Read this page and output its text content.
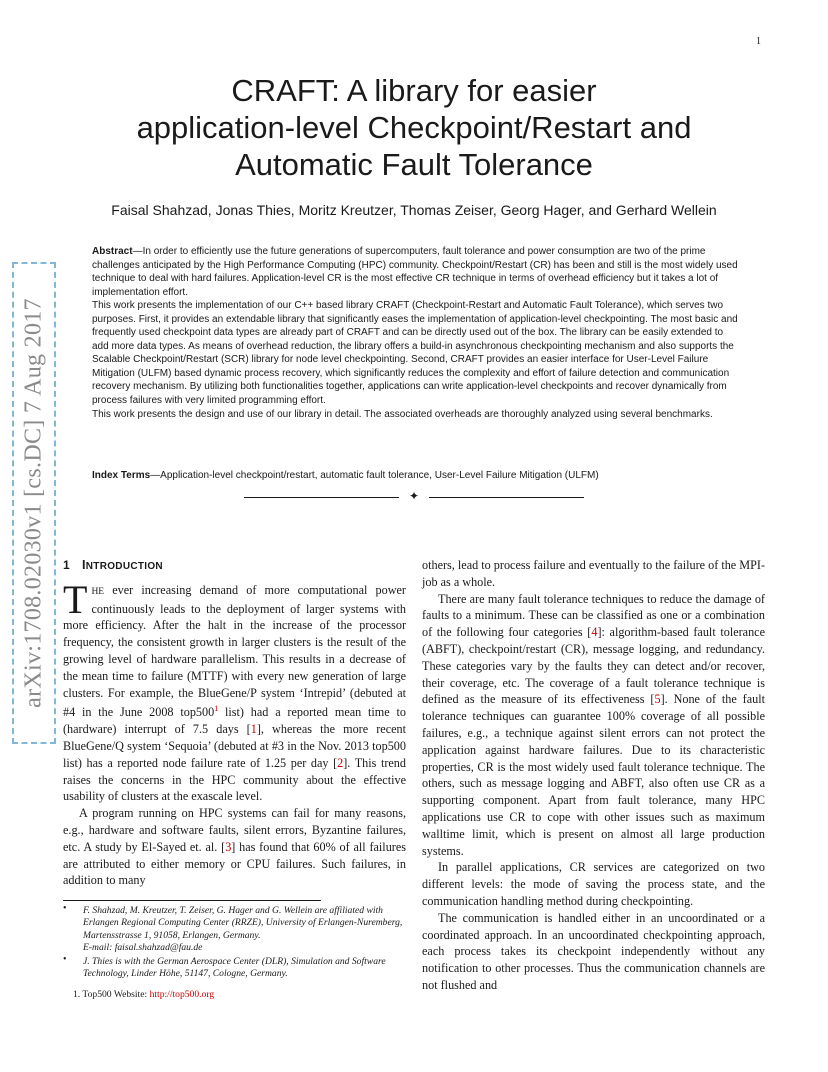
1
arXiv:1708.02030v1 [cs.DC] 7 Aug 2017
CRAFT: A library for easier
application-level Checkpoint/Restart and
Automatic Fault Tolerance
Faisal Shahzad, Jonas Thies, Moritz Kreutzer, Thomas Zeiser, Georg Hager, and Gerhard Wellein

Abstract—In order to efficiently use the future generations of supercomputers, fault tolerance and power consumption are two of the prime challenges anticipated by the High Performance Computing (HPC) community. Checkpoint/Restart (CR) has been and still is the most widely used technique to deal with hard failures. Application-level CR is the most effective CR technique in terms of overhead efficiency but it takes a lot of implementation effort.

This work presents the implementation of our C++ based library CRAFT (Checkpoint-Restart and Automatic Fault Tolerance), which serves two purposes. First, it provides an extendable library that significantly eases the implementation of application-level checkpointing. The most basic and frequently used checkpoint data types are already part of CRAFT and can be directly used out of the box. The library can be easily extended to add more data types. As means of overhead reduction, the library offers a build-in asynchronous checkpointing mechanism and also supports the Scalable Checkpoint/Restart (SCR) library for node level checkpointing. Second, CRAFT provides an easier interface for User-Level Failure Mitigation (ULFM) based dynamic process recovery, which significantly reduces the complexity and effort of failure detection and communication recovery mechanism. By utilizing both functionalities together, applications can write application-level checkpoints and recover dynamically from process failures with very limited programming effort.

This work presents the design and use of our library in detail. The associated overheads are thoroughly analyzed using several benchmarks.

Index Terms—Application-level checkpoint/restart, automatic fault tolerance, User-Level Failure Mitigation (ULFM)
✦
1 INTRODUCTION

THE ever increasing demand of more computational power continuously leads to the deployment of larger systems with more efficiency. After the halt in the increase of the processor frequency, the consistent growth in larger clusters is the result of the growing level of hardware parallelism. This results in a decrease of the mean time to failure (MTTF) with every new generation of large clusters. For example, the BlueGene/P system ‘Intrepid’ (debuted at #4 in the June 2008 $top500^1$ list) had a reported mean time to (hardware) interrupt of 7.5 days [1], whereas the more recent BlueGene/Q system ‘Sequoia’ (debuted at #3 in the Nov. 2013 top500 list) has a reported node failure rate of 1.25 per day [2]. This trend raises the concerns in the HPC community about the effective usability of clusters at the exascale level.

A program running on HPC systems can fail for many reasons, e.g., hardware and software faults, silent errors, Byzantine failures, etc. A study by El-Sayed et. al. [3] has found that 60% of all failures are attributed to either memory or CPU failures. Such failures, in addition to many

• F. Shahzad, M. Kreutzer, T. Zeiser, G. Hager and G. Wellein are affiliated with Erlangen Regional Computing Center (RRZE), University of Erlangen-Nuremberg, Martensstrasse 1, 91058, Erlangen, Germany.
E-mail: faisal.shahzad@fau.de
• J. Thies is with the German Aerospace Center (DLR), Simulation and Software Technology, Linder Höhe, 51147, Cologne, Germany.
1. Top500 Website: http://top500.org

others, lead to process failure and eventually to the failure of the MPI-job as a whole.

There are many fault tolerance techniques to reduce the damage of faults to a minimum. These can be classified as one or a combination of the following four categories [4]: algorithm-based fault tolerance (ABFT), checkpoint/restart (CR), message logging, and redundancy. These categories vary by the faults they can detect and/or recover, their coverage, etc. The coverage of a fault tolerance technique is defined as the measure of its effectiveness [5]. None of the fault tolerance techniques can guarantee 100% coverage of all possible failures, e.g., a technique against silent errors can not protect the application against hardware failures. Due to its characteristic properties, CR is the most widely used fault tolerance technique. The others, such as message logging and ABFT, also often use CR as a supporting component. Apart from fault tolerance, many HPC applications use CR to cope with other issues such as maximum walltime limit, which is present on almost all large production systems.

In parallel applications, CR services are categorized on two different levels: the mode of saving the process state, and the communication handling method during checkpointing.

The communication is handled either in an uncoordinated or a coordinated approach. In an uncoordinated checkpointing approach, each process takes its checkpoint independently without any notification to other processes. Thus the communication channels are not flushed and
